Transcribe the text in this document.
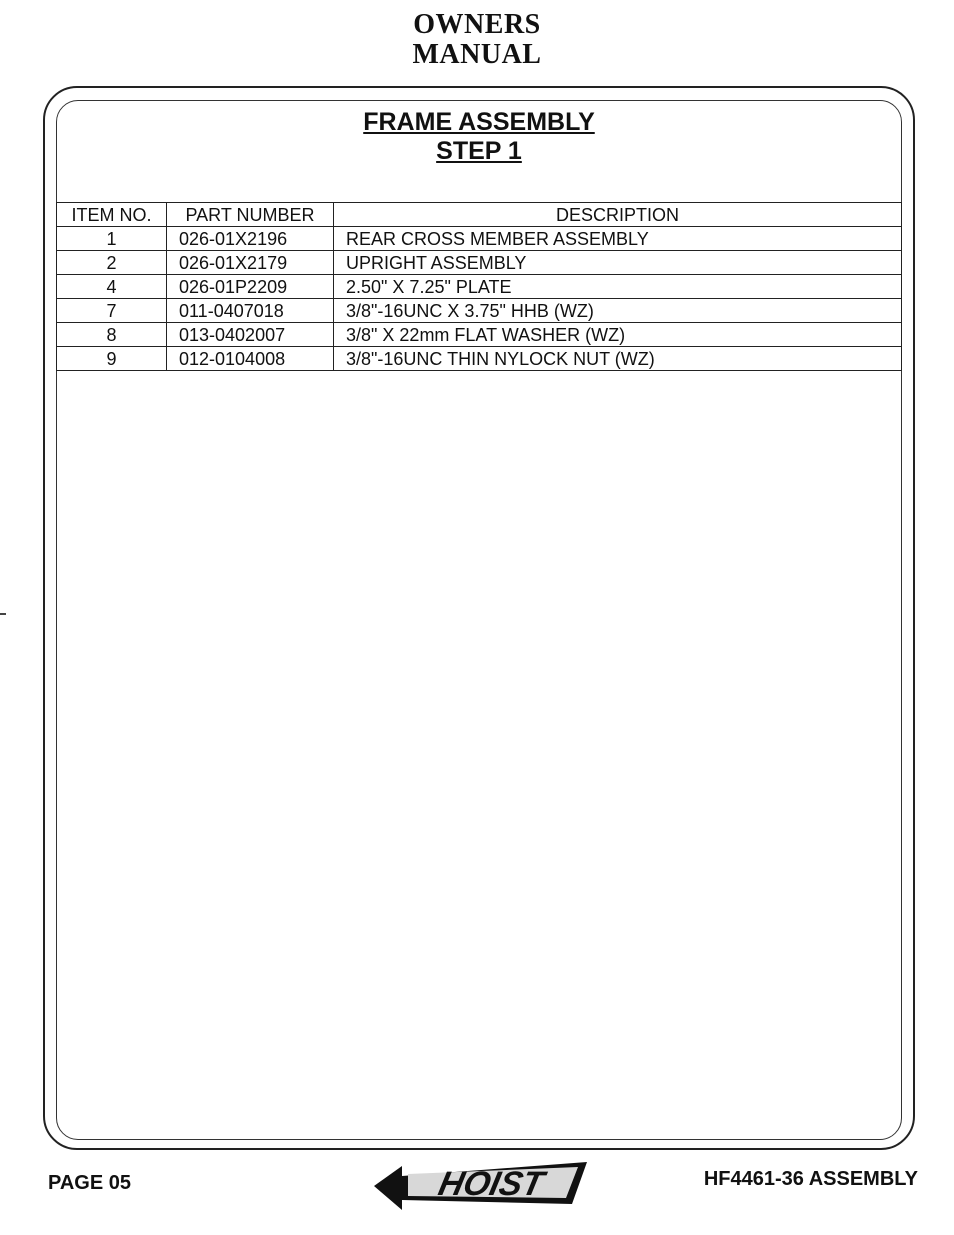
OWNERS
MANUAL
FRAME ASSEMBLY
STEP 1
ITEM NO.	PART NUMBER	DESCRIPTION
1	026-01X2196	REAR CROSS MEMBER ASSEMBLY
2	026-01X2179	UPRIGHT ASSEMBLY
4	026-01P2209	2.50" X 7.25" PLATE
7	011-0407018	3/8"-16UNC X 3.75" HHB (WZ)
8	013-0402007	3/8" X 22mm FLAT WASHER (WZ)
9	012-0104008	3/8"-16UNC THIN NYLOCK NUT (WZ)
PAGE 05	HOIST	HF4461-36 ASSEMBLY
